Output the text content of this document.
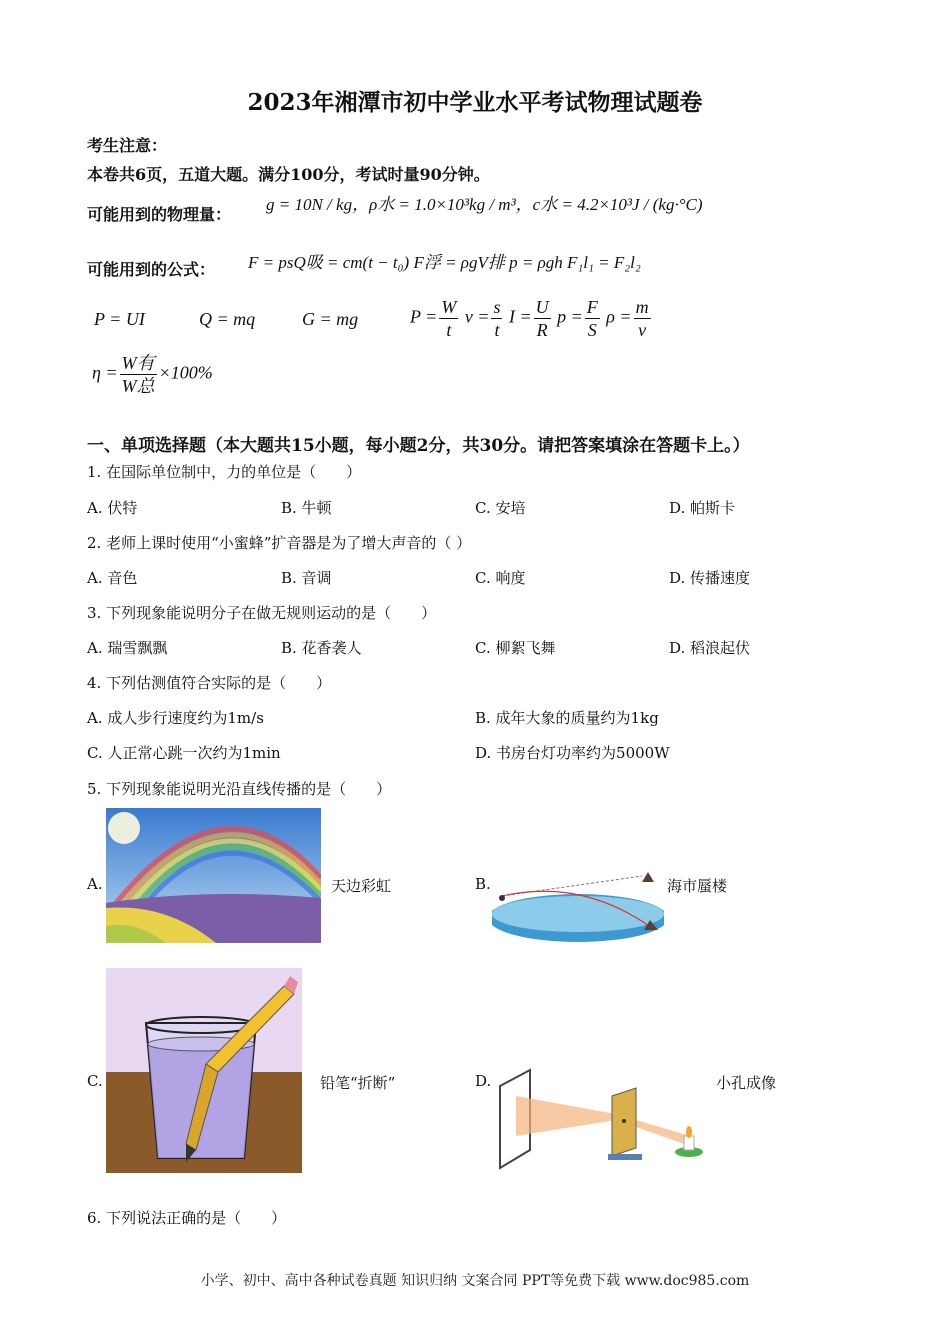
2023年湘潭市初中学业水平考试物理试题卷
考生注意：
本卷共6页，五道大题。满分100分，考试时量90分钟。
可能用到的物理量：
g = 10N / kg，ρ水 = 1.0×10³kg / m³，c水 = 4.2×10³J / (kg·°C)
可能用到的公式： F = psQ吸 = cm(t − t₀) F浮 = ρgV排 p = ρgh F₁l₁ = F₂l₂
P = UI	Q = mq	G = mg	$P = \frac{W}{t}$ $v = \frac{s}{t}$ $I = \frac{U}{R}$ $p = \frac{F}{S}$ $\rho = \frac{m}{v}$
$\eta = \frac{\text{W有}}{\text{W总}} \times 100\%$
一、单项选择题（本大题共15小题，每小题2分，共30分。请把答案填涂在答题卡上。）
1. 在国际单位制中，力的单位是（　　）
A. 伏特	B. 牛顿	C. 安培	D. 帕斯卡
2. 老师上课时使用“小蜜蜂”扩音器是为了增大声音的（ ）
A. 音色	B. 音调	C. 响度	D. 传播速度
3. 下列现象能说明分子在做无规则运动的是（　　）
A. 瑞雪飘飘	B. 花香袭人	C. 柳絮飞舞	D. 稻浪起伏
4. 下列估测值符合实际的是（　　）
A. 成人步行速度约为1m/s	B. 成年大象的质量约为1kg
C. 人正常心跳一次约为1min	D. 书房台灯功率约为5000W
5. 下列现象能说明光沿直线传播的是（　　）
A.	天边彩虹	B.	海市蜃楼
C.	铅笔“折断”	D.	小孔成像
6. 下列说法正确的是（　　）
小学、初中、高中各种试卷真题 知识归纳 文案合同 PPT等免费下载 www.doc985.com
